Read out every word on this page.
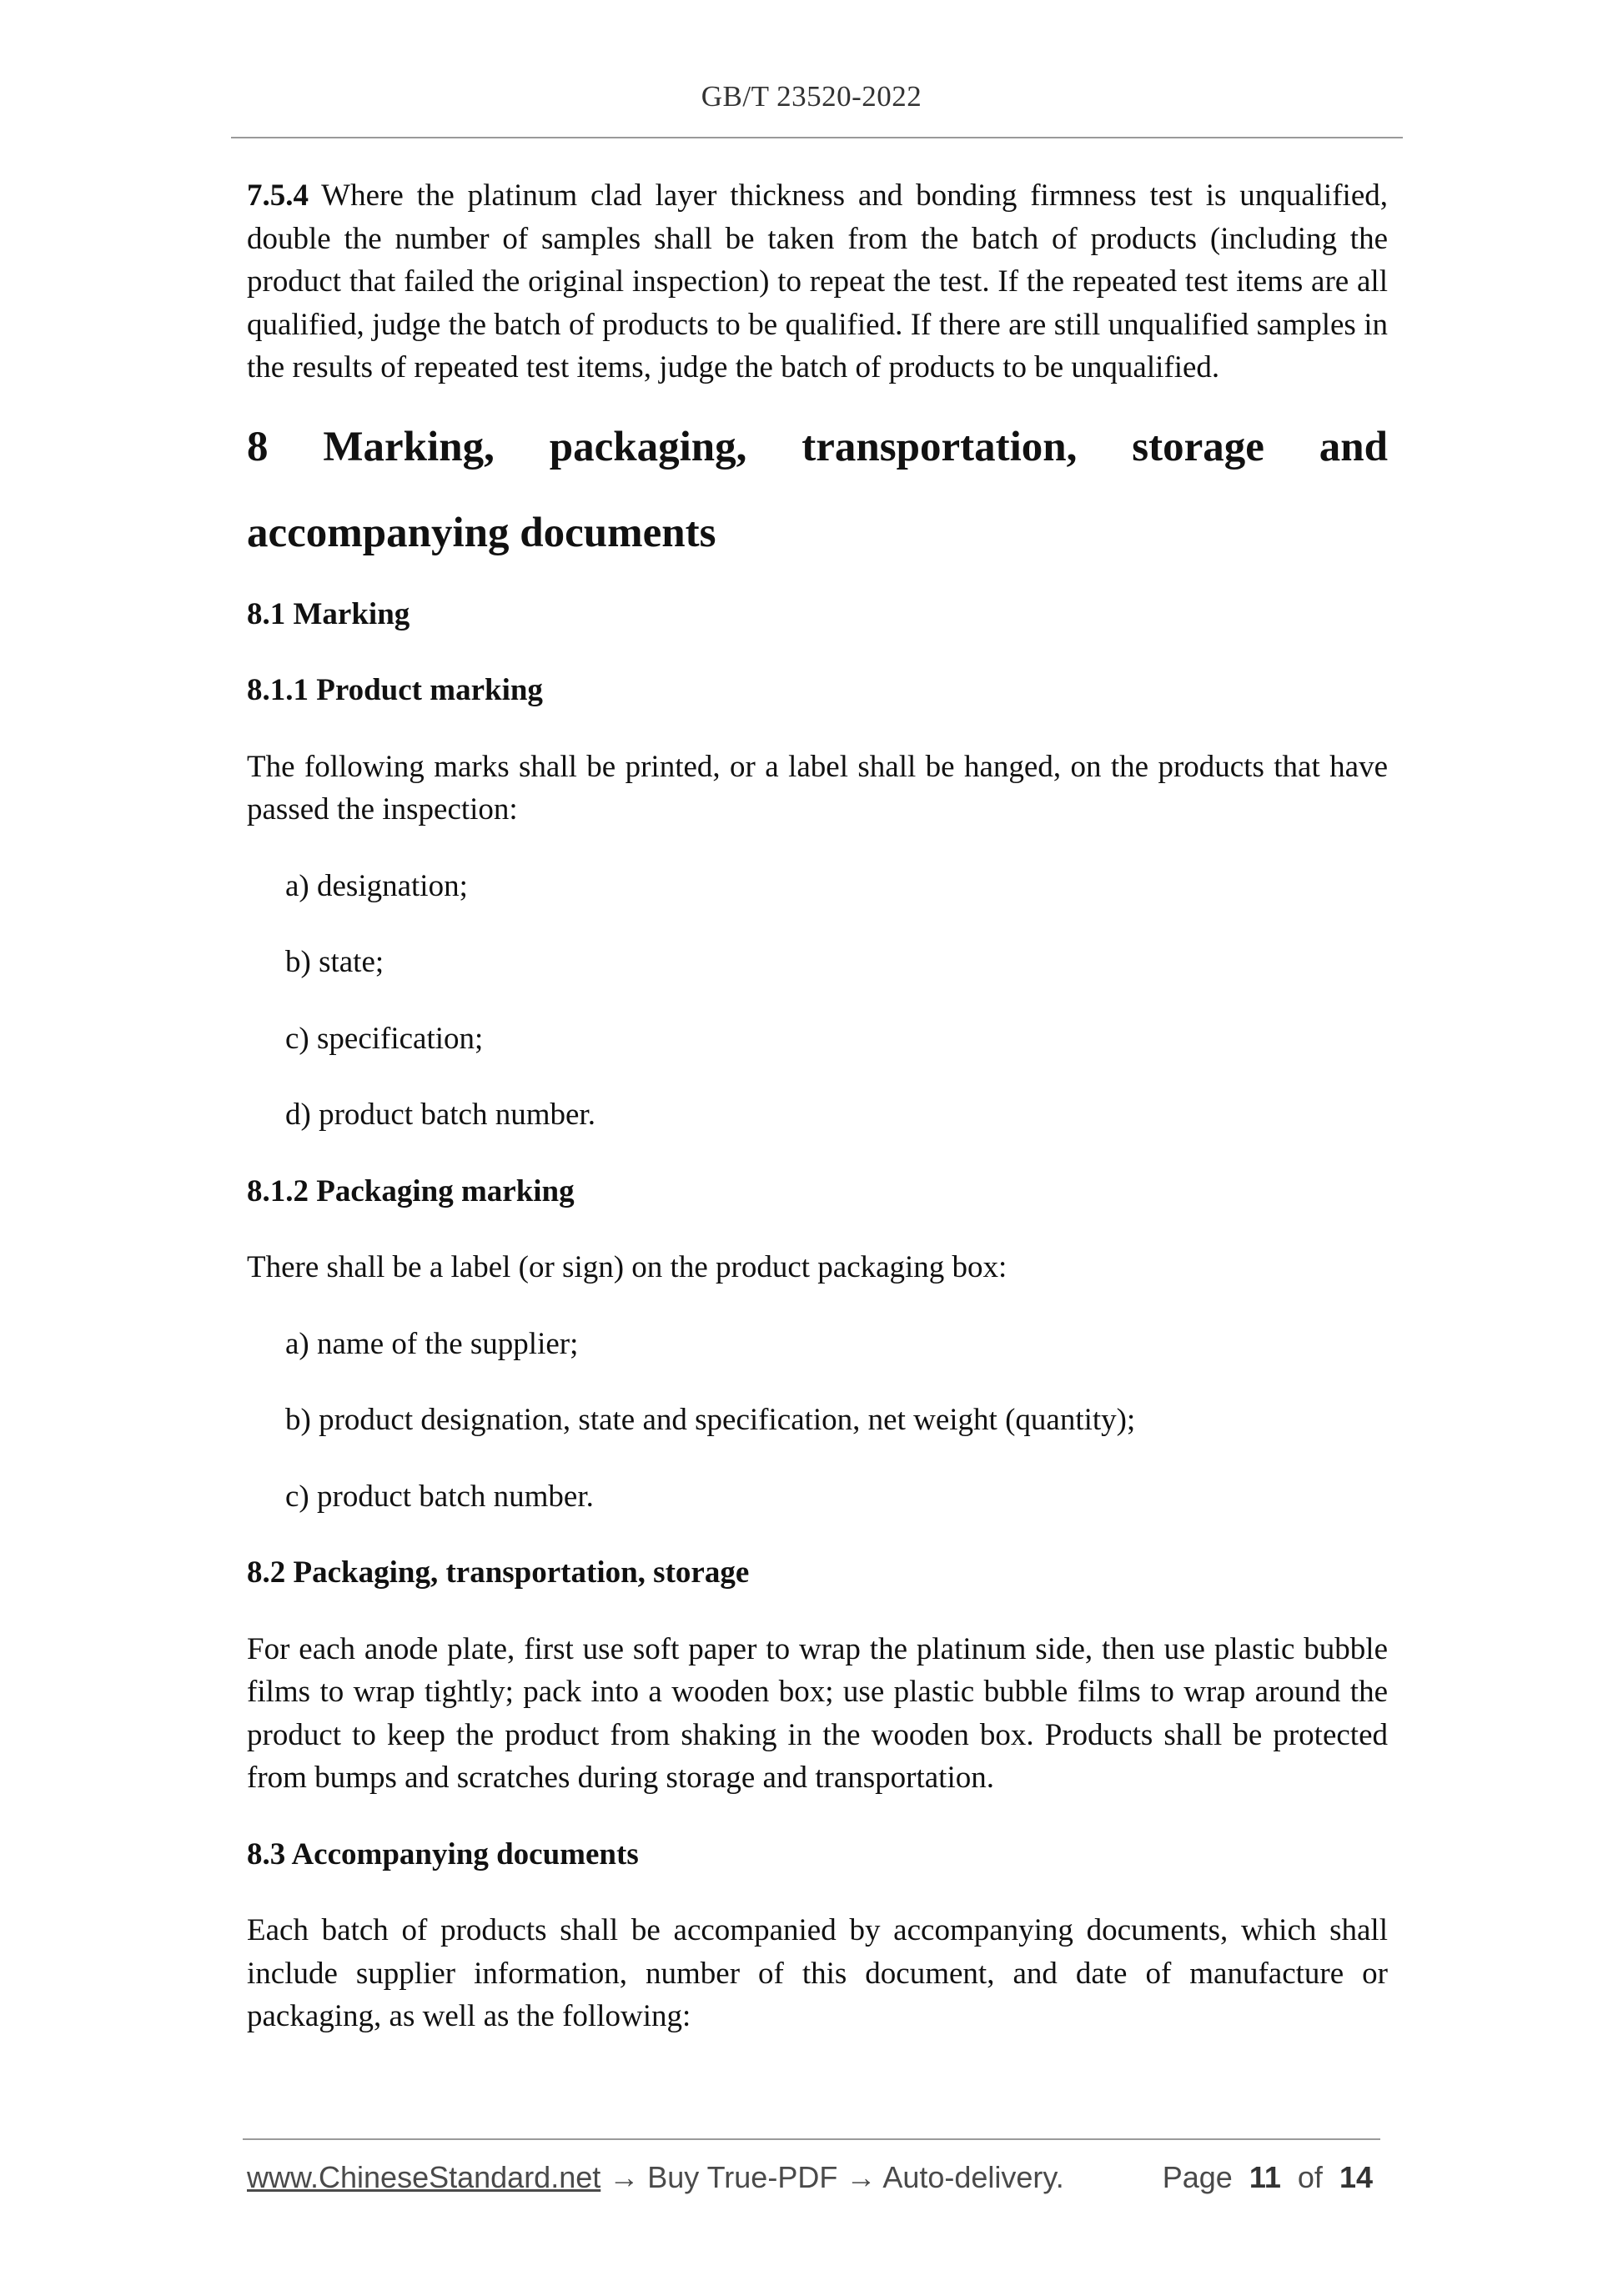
GB/T 23520-2022

7.5.4 Where the platinum clad layer thickness and bonding firmness test is unqualified, double the number of samples shall be taken from the batch of products (including the product that failed the original inspection) to repeat the test. If the repeated test items are all qualified, judge the batch of products to be qualified. If there are still unqualified samples in the results of repeated test items, judge the batch of products to be unqualified.

8 Marking, packaging, transportation, storage and
accompanying documents
8.1 Marking
8.1.1 Product marking

The following marks shall be printed, or a label shall be hanged, on the products that have passed the inspection:

a) designation;

b) state;

c) specification;

d) product batch number.

8.1.2 Packaging marking

There shall be a label (or sign) on the product packaging box:

a) name of the supplier;

b) product designation, state and specification, net weight (quantity);

c) product batch number.

8.2 Packaging, transportation, storage

For each anode plate, first use soft paper to wrap the platinum side, then use plastic bubble films to wrap tightly; pack into a wooden box; use plastic bubble films to wrap around the product to keep the product from shaking in the wooden box. Products shall be protected from bumps and scratches during storage and transportation.

8.3 Accompanying documents

Each batch of products shall be accompanied by accompanying documents, which shall include supplier information, number of this document, and date of manufacture or packaging, as well as the following:

www.ChineseStandard.net → Buy True-PDF → Auto-delivery.	Page 11 of 14
